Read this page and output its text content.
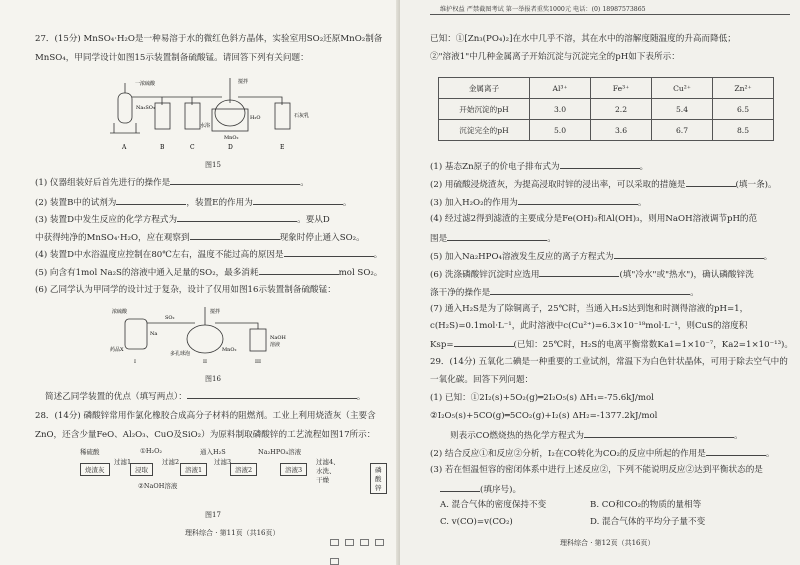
27．(15分) MnSO₄·H₂O是一种易溶于水的微红色斜方晶体，实验室用SO₂还原MnO₂制备
MnSO₄，甲同学设计如图15示装置制备硫酸锰。请回答下列有关问题：
A	B	C	D	E
一浓硫酸
Na₂SO₃
搅拌
水浴
H₂O
MnO₂
石灰乳
图15
(1) 仪器组装好后首先进行的操作是	。
(2) 装置B中的试剂为	，装置E的作用为	。
(3) 装置D中发生反应的化学方程式为	。要从D
中获得纯净的MnSO₄·H₂O，应在观察到	现象时停止通入SO₂。
(4) 装置D中水浴温度应控制在80℃左右，温度不能过高的原因是	。
(5) 向含有1mol Na₂S的溶液中通入足量的SO₂，最多消耗	mol SO₂。
(6) 乙同学认为甲同学的设计过于复杂，设计了仅用如图16示装置制备硫酸锰：
浓硫酸
SO₂
搅拌
Na
药品X
多孔球泡
MnO₂
NaOH
溶液
I	II	III
图16
简述乙同学装置的优点（填写两点）：	。
28．(14分) 磷酸锌常用作氯化橡胶合成高分子材料的阻燃剂。工业上利用烧渣灰（主要含
ZnO，还含少量FeO、Al₂O₃、CuO及SiO₂）为原料制取磷酸锌的工艺流程如图17所示：
稀硫酸	①H₂O₂	通入H₂S	Na₂HPO₄溶液
烧渣灰	浸取	溶液1	溶液2	溶液3	磷酸锌
过滤1	过滤2	过滤3	过滤4、水洗、干燥
②NaOH溶液
图17
理科综合 · 第11页（共16页）
维护权益 严禁截图考试 第一举报者重奖1000元 电话：(0) 18987573865
已知：①[Zn₃(PO₄)₂]在水中几乎不溶，其在水中的溶解度随温度的升高而降低；
②"溶液1"中几种金属离子开始沉淀与沉淀完全的pH如下表所示：
金属离子	Al³⁺	Fe³⁺	Cu²⁺	Zn²⁺
开始沉淀的pH	3.0	2.2	5.4	6.5
沉淀完全的pH	5.0	3.6	6.7	8.5
(1) 基态Zn原子的价电子排布式为	。
(2) 用硫酸浸烧渣灰，为提高浸取时锌的浸出率，可以采取的措施是	(填一条)。
(3) 加入H₂O₂的作用为	。
(4) 经过滤2得到滤渣的主要成分是Fe(OH)₃和Al(OH)₃，则用NaOH溶液调节pH的范
围是	。
(5) 加入Na₂HPO₄溶液发生反应的离子方程式为	。
(6) 洗涤磷酸锌沉淀时应选用	(填"冷水"或"热水")，确认磷酸锌洗
涤干净的操作是	。
(7) 通入H₂S是为了除铜离子，25℃时，当通入H₂S达到饱和时测得溶液的pH=1，
c(H₂S)=0.1mol·L⁻¹，此时溶液中c(Cu²⁺)=6.3×10⁻¹⁸mol·L⁻¹，则CuS的溶度积
Ksp=	(已知：25℃时，H₂S的电离平衡常数Ka1=1×10⁻⁷，Ka2=1×10⁻¹³)。
29．(14分) 五氧化二碘是一种重要的工业试剂，常温下为白色针状晶体，可用于除去空气中的
一氧化碳。回答下列问题：
(1) 已知：①2I₂(s)+5O₂(g)═2I₂O₅(s) ΔH₁=-75.6kJ/mol
②I₂O₅(s)+5CO(g)═5CO₂(g)+I₂(s) ΔH₂=-1377.2kJ/mol
则表示CO燃烧热的热化学方程式为	。
(2) 结合反应①和反应②分析，I₂在CO转化为CO₂的反应中所起的作用是	。
(3) 若在恒温恒容的密闭体系中进行上述反应②，下列不能说明反应②达到平衡状态的是
(填序号)。
A. 混合气体的密度保持不变	B. CO和CO₂的物质的量相等
C. v(CO)=v(CO₂)	D. 混合气体的平均分子量不变
理科综合 · 第12页（共16页）
